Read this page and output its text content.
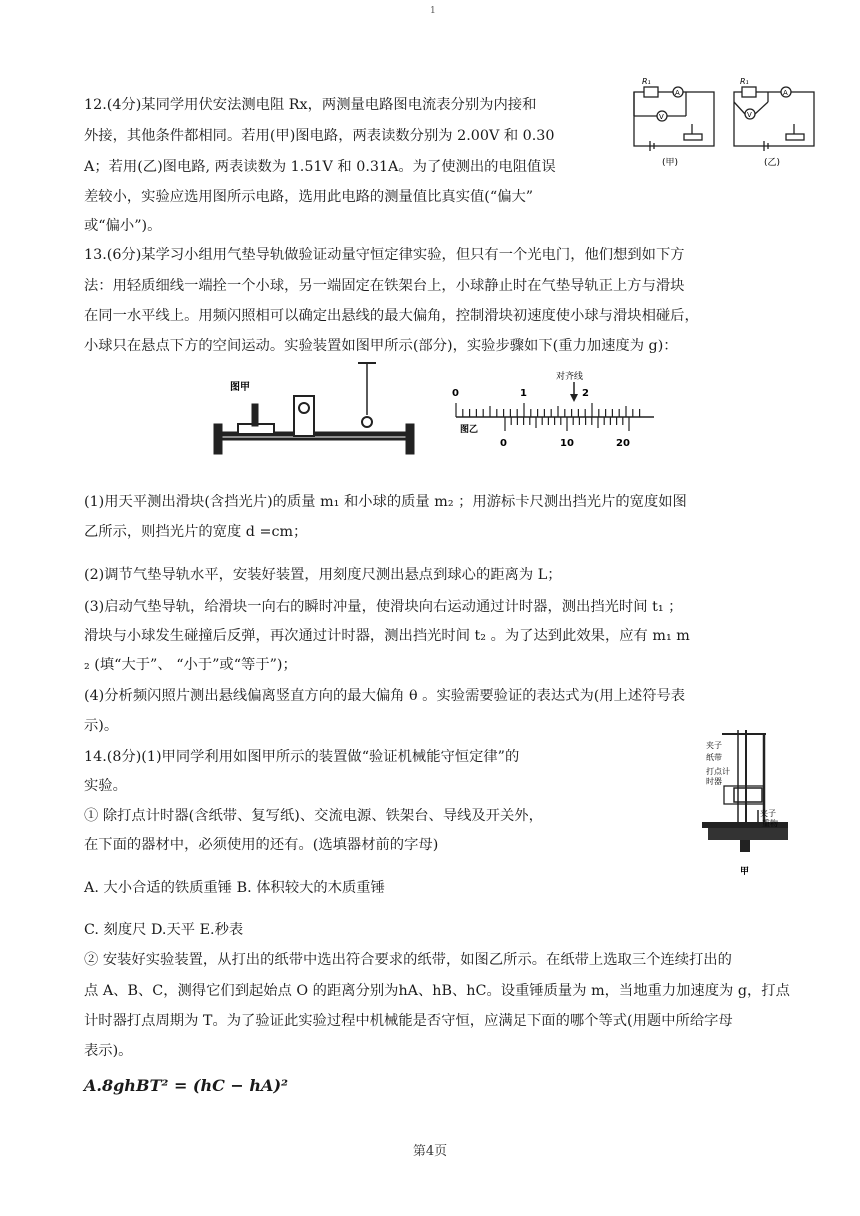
1
12.(4分)某同学用伏安法测电阻 Rx，两测量电路图电流表分别为内接和
外接，其他条件都相同。若用(甲)图电路，两表读数分别为 2.00V 和 0.30
A；若用(乙)图电路, 两表读数为 1.51V 和 0.31A。为了使测出的电阻值误
差较小，实验应选用图所示电路，选用此电路的测量值比真实值(“偏大”
或“偏小”)。
13.(6分)某学习小组用气垫导轨做验证动量守恒定律实验，但只有一个光电门，他们想到如下方
法：用轻质细线一端拴一个小球，另一端固定在铁架台上，小球静止时在气垫导轨正上方与滑块
在同一水平线上。用频闪照相可以确定出悬线的最大偏角，控制滑块初速度使小球与滑块相碰后，
小球只在悬点下方的空间运动。实验装置如图甲所示(部分)，实验步骤如下(重力加速度为 g)：
(1)用天平测出滑块(含挡光片)的质量 m₁ 和小球的质量 m₂ ；用游标卡尺测出挡光片的宽度如图
乙所示，则挡光片的宽度 d =cm；
(2)调节气垫导轨水平，安装好装置，用刻度尺测出悬点到球心的距离为 L；
(3)启动气垫导轨，给滑块一向右的瞬时冲量，使滑块向右运动通过计时器，测出挡光时间 t₁ ；
滑块与小球发生碰撞后反弹，再次通过计时器，测出挡光时间 t₂ 。为了达到此效果，应有 m₁ m
₂ (填“大于”、 “小于”或“等于”)；
(4)分析频闪照片测出悬线偏离竖直方向的最大偏角 θ 。实验需要验证的表达式为(用上述符号表
示)。
14.(8分)(1)甲同学利用如图甲所示的装置做“验证机械能守恒定律”的
实验。
① 除打点计时器(含纸带、复写纸)、交流电源、铁架台、导线及开关外，
在下面的器材中，必须使用的还有。(选填器材前的字母)
A. 大小合适的铁质重锤 B. 体积较大的木质重锤
C. 刻度尺 D.天平 E.秒表
② 安装好实验装置，从打出的纸带中选出符合要求的纸带，如图乙所示。在纸带上选取三个连续打出的
点 A、B、C，测得它们到起始点 O 的距离分别为hA、hB、hC。设重锤质量为 m，当地重力加速度为 g，打点
计时器打点周期为 T。为了验证此实验过程中机械能是否守恒，应满足下面的哪个等式(用题中所给字母
表示)。
A.8ghBT² = (hC − hA)²
R₁
A
V
(甲)
R₁
A
V
(乙)
图甲
对齐线
0	1	2
图乙
0	10	20
夹子
纸带
打点计
时器
夹子
重物
甲
第4页
